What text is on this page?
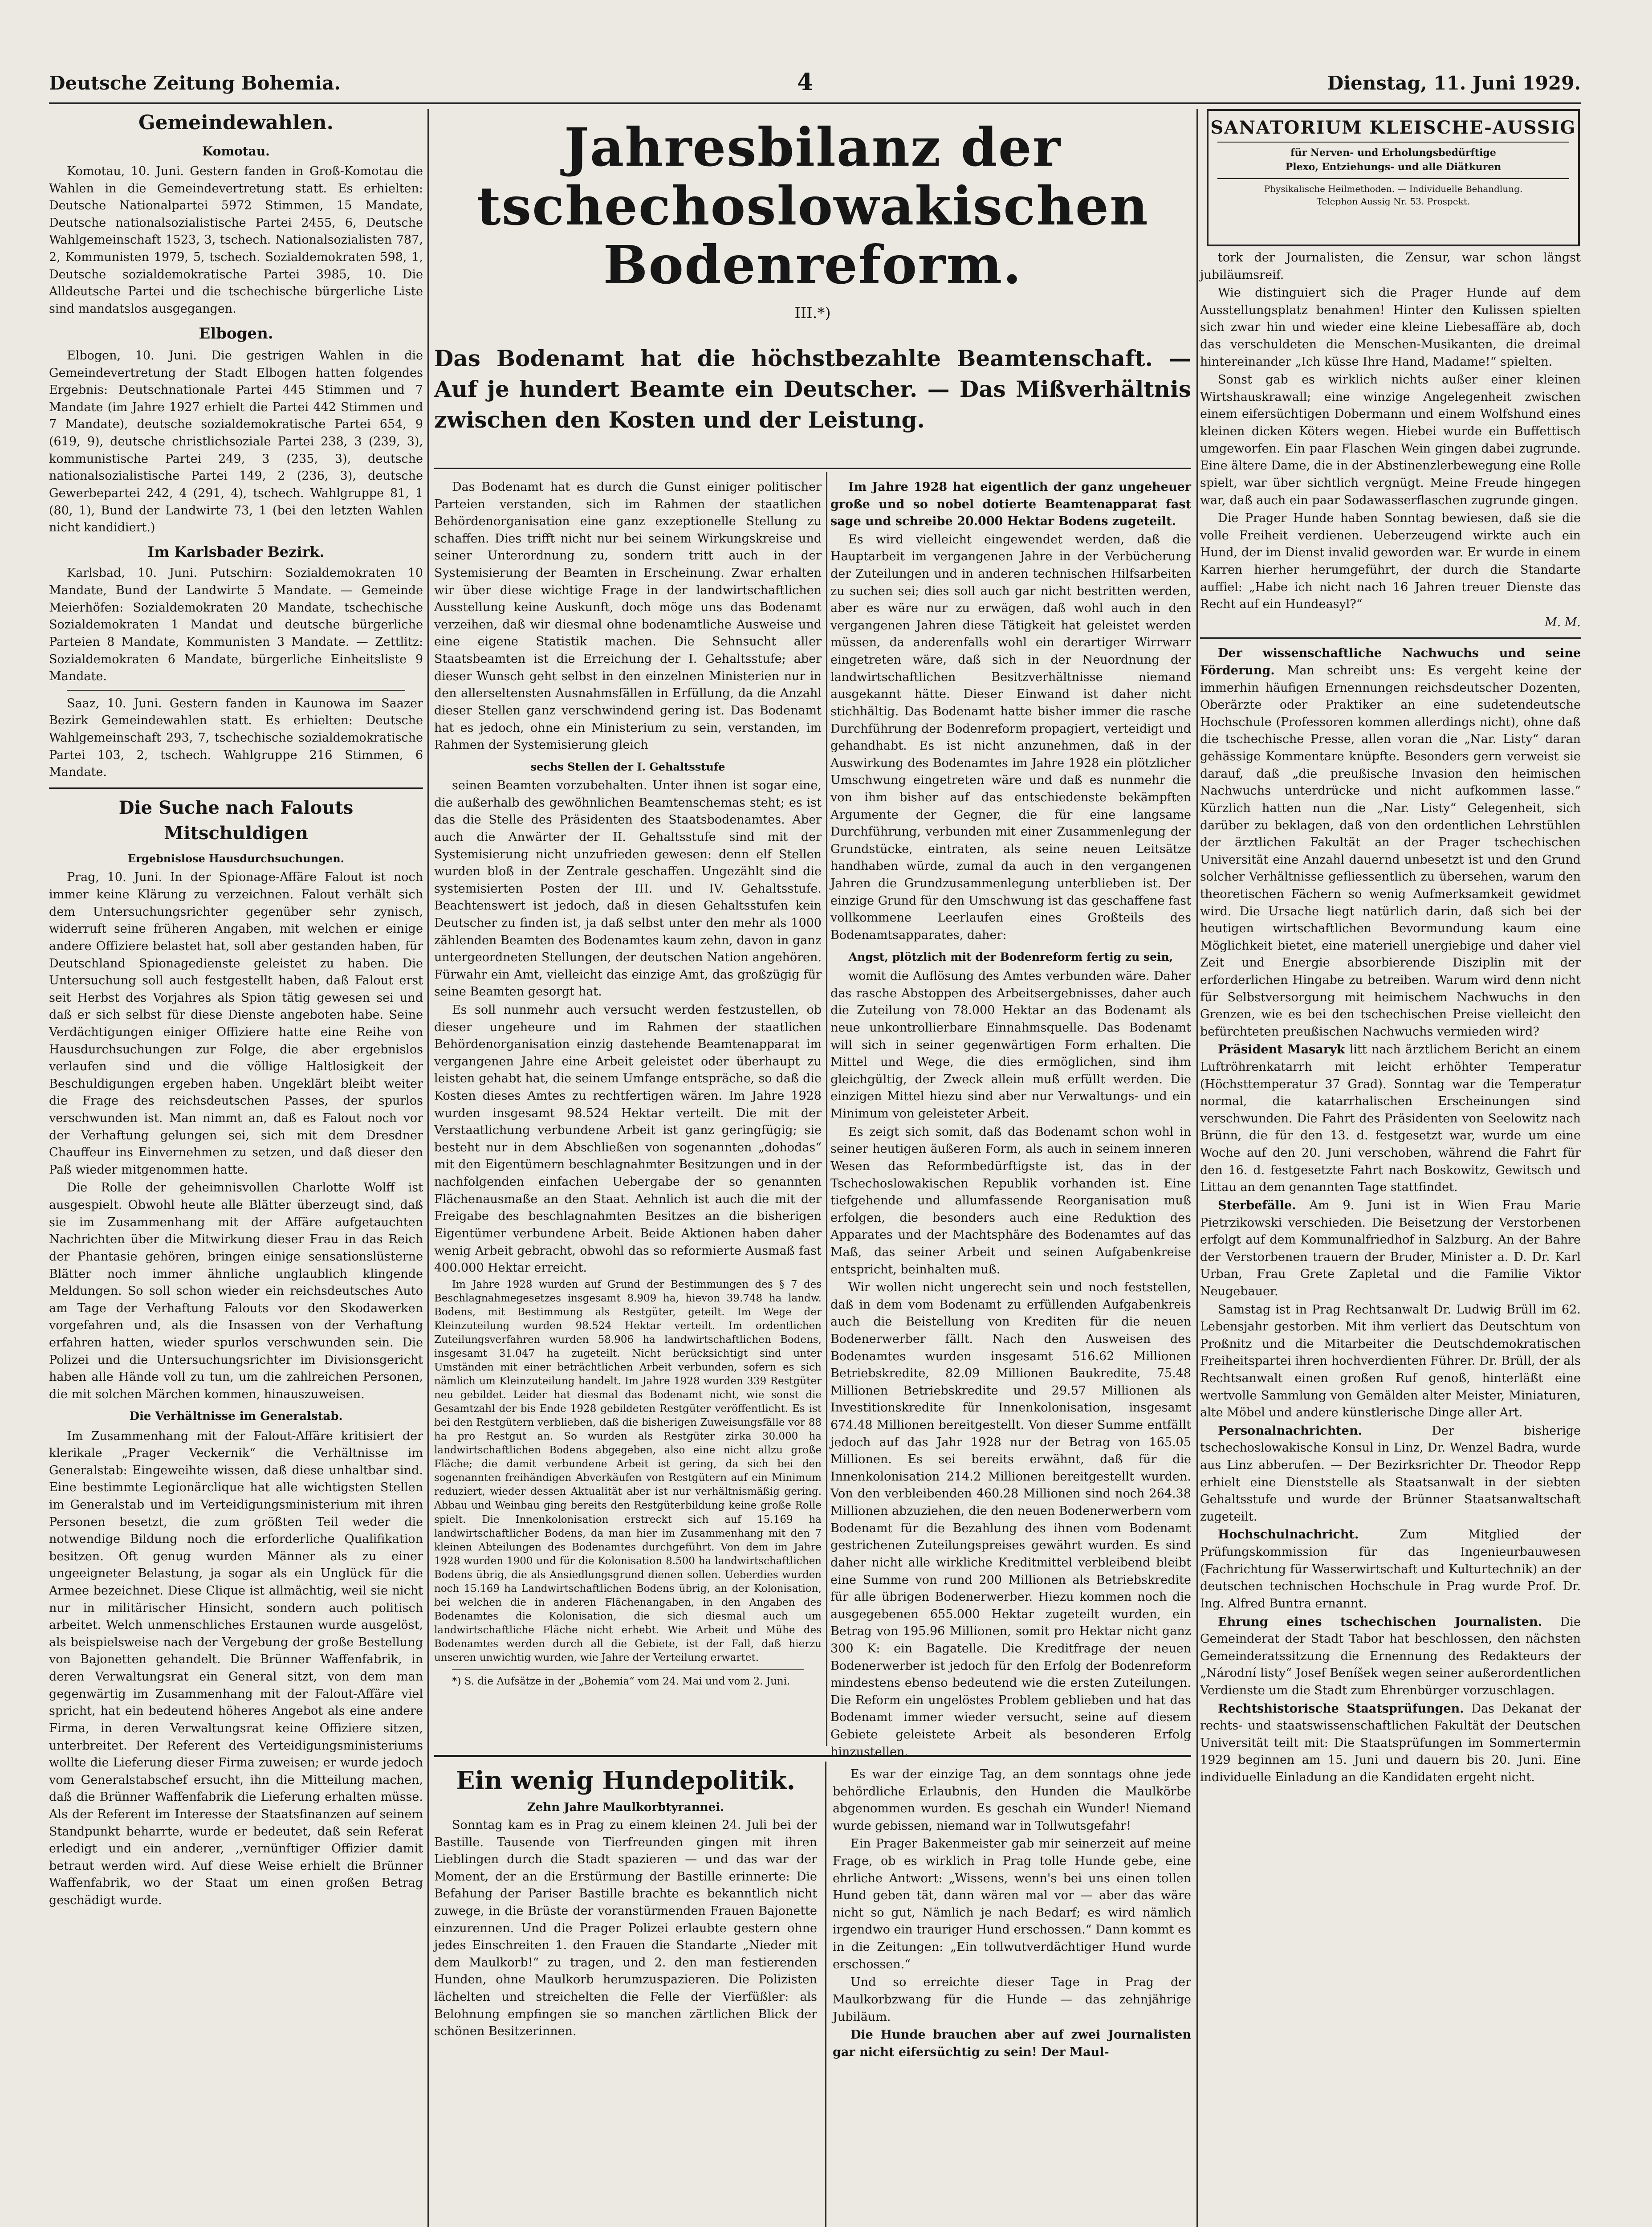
Deutsche Zeitung Bohemia.	4	Dienstag, 11. Juni 1929.
Gemeindewahlen.
Komotau.

Komotau, 10. Juni. Gestern fanden in Groß-Komotau die Wahlen in die Gemeindevertretung statt. Es erhielten: Deutsche Nationalpartei 5972 Stimmen, 15 Mandate, Deutsche nationalsozialistische Partei 2455, 6, Deutsche Wahlgemeinschaft 1523, 3, tschech. Nationalsozialisten 787, 2, Kommunisten 1979, 5, tschech. Sozialdemokraten 598, 1, Deutsche sozialdemokratische Partei 3985, 10. Die Alldeutsche Partei und die tschechische bürgerliche Liste sind mandatslos ausgegangen.

Elbogen.

Elbogen, 10. Juni. Die gestrigen Wahlen in die Gemeindevertretung der Stadt Elbogen hatten folgendes Ergebnis: Deutschnationale Partei 445 Stimmen und 7 Mandate (im Jahre 1927 erhielt die Partei 442 Stimmen und 7 Mandate), deutsche sozialdemokratische Partei 654, 9 (619, 9), deutsche christlichsoziale Partei 238, 3 (239, 3), kommunistische Partei 249, 3 (235, 3), deutsche nationalsozialistische Partei 149, 2 (236, 3), deutsche Gewerbepartei 242, 4 (291, 4), tschech. Wahlgruppe 81, 1 (80, 1), Bund der Landwirte 73, 1 (bei den letzten Wahlen nicht kandidiert.)

Im Karlsbader Bezirk.

Karlsbad, 10. Juni. Putschirn: Sozialdemokraten 10 Mandate, Bund der Landwirte 5 Mandate. — Gemeinde Meierhöfen: Sozialdemokraten 20 Mandate, tschechische Sozialdemokraten 1 Mandat und deutsche bürgerliche Parteien 8 Mandate, Kommunisten 3 Mandate. — Zettlitz: Sozialdemokraten 6 Mandate, bürgerliche Einheitsliste 9 Mandate.

Saaz, 10. Juni. Gestern fanden in Kaunowa im Saazer Bezirk Gemeindewahlen statt. Es erhielten: Deutsche Wahlgemeinschaft 293, 7, tschechische sozialdemokratische Partei 103, 2, tschech. Wahlgruppe 216 Stimmen, 6 Mandate.

Die Suche nach Falouts Mitschuldigen
Ergebnislose Hausdurchsuchungen.

Prag, 10. Juni. In der Spionage-Affäre Falout ist noch immer keine Klärung zu verzeichnen. Falout verhält sich dem Untersuchungsrichter gegenüber sehr zynisch, widerruft seine früheren Angaben, mit welchen er einige andere Offiziere belastet hat, soll aber gestanden haben, für Deutschland Spionagedienste geleistet zu haben. Die Untersuchung soll auch festgestellt haben, daß Falout erst seit Herbst des Vorjahres als Spion tätig gewesen sei und daß er sich selbst für diese Dienste angeboten habe. Seine Verdächtigungen einiger Offiziere hatte eine Reihe von Hausdurchsuchungen zur Folge, die aber ergebnislos verlaufen sind und die völlige Haltlosigkeit der Beschuldigungen ergeben haben. Ungeklärt bleibt weiter die Frage des reichsdeutschen Passes, der spurlos verschwunden ist. Man nimmt an, daß es Falout noch vor der Verhaftung gelungen sei, sich mit dem Dresdner Chauffeur ins Einvernehmen zu setzen, und daß dieser den Paß wieder mitgenommen hatte.

Die Rolle der geheimnisvollen Charlotte Wolff ist ausgespielt. Obwohl heute alle Blätter überzeugt sind, daß sie im Zusammenhang mit der Affäre aufgetauchten Nachrichten über die Mitwirkung dieser Frau in das Reich der Phantasie gehören, bringen einige sensationslüsterne Blätter noch immer ähnliche unglaublich klingende Meldungen. So soll schon wieder ein reichsdeutsches Auto am Tage der Verhaftung Falouts vor den Skodawerken vorgefahren und, als die Insassen von der Verhaftung erfahren hatten, wieder spurlos verschwunden sein. Die Polizei und die Untersuchungsrichter im Divisionsgericht haben alle Hände voll zu tun, um die zahlreichen Personen, die mit solchen Märchen kommen, hinauszuweisen.

Die Verhältnisse im Generalstab.

Im Zusammenhang mit der Falout-Affäre kritisiert der klerikale „Prager Veckernik“ die Verhältnisse im Generalstab: Eingeweihte wissen, daß diese unhaltbar sind. Eine bestimmte Legionärclique hat alle wichtigsten Stellen im Generalstab und im Verteidigungsministerium mit ihren Personen besetzt, die zum größten Teil weder die notwendige Bildung noch die erforderliche Qualifikation besitzen. Oft genug wurden Männer als zu einer ungeeigneter Belastung, ja sogar als ein Unglück für die Armee bezeichnet. Diese Clique ist allmächtig, weil sie nicht nur in militärischer Hinsicht, sondern auch politisch arbeitet. Welch unmenschliches Erstaunen wurde ausgelöst, als beispielsweise nach der Vergebung der große Bestellung von Bajonetten gehandelt. Die Brünner Waffenfabrik, in deren Verwaltungsrat ein General sitzt, von dem man gegenwärtig im Zusammenhang mit der Falout-Affäre viel spricht, hat ein bedeutend höheres Angebot als eine andere Firma, in deren Verwaltungsrat keine Offiziere sitzen, unterbreitet. Der Referent des Verteidigungsministeriums wollte die Lieferung dieser Firma zuweisen; er wurde jedoch vom Generalstabschef ersucht, ihn die Mitteilung machen, daß die Brünner Waffenfabrik die Lieferung erhalten müsse. Als der Referent im Interesse der Staatsfinanzen auf seinem Standpunkt beharrte, wurde er bedeutet, daß sein Referat erledigt und ein anderer, ,,vernünftiger Offizier damit betraut werden wird. Auf diese Weise erhielt die Brünner Waffenfabrik, wo der Staat um einen großen Betrag geschädigt wurde.

Jahresbilanz der tschechoslowakischen Bodenreform.
III.*)
Das Bodenamt hat die höchstbezahlte Beamtenschaft. — Auf je hundert Beamte ein Deutscher. — Das Mißverhältnis zwischen den Kosten und der Leistung.

Das Bodenamt hat es durch die Gunst einiger politischer Parteien verstanden, sich im Rahmen der staatlichen Behördenorganisation eine ganz exzeptionelle Stellung zu schaffen. Dies trifft nicht nur bei seinem Wirkungskreise und seiner Unterordnung zu, sondern tritt auch in der Systemisierung der Beamten in Erscheinung. Zwar erhalten wir über diese wichtige Frage in der landwirtschaftlichen Ausstellung keine Auskunft, doch möge uns das Bodenamt verzeihen, daß wir diesmal ohne bodenamtliche Ausweise und eine eigene Statistik machen. Die Sehnsucht aller Staatsbeamten ist die Erreichung der I. Gehaltsstufe; aber dieser Wunsch geht selbst in den einzelnen Ministerien nur in den allerseltensten Ausnahmsfällen in Erfüllung, da die Anzahl dieser Stellen ganz verschwindend gering ist. Das Bodenamt hat es jedoch, ohne ein Ministerium zu sein, verstanden, im Rahmen der Systemisierung gleich

sechs Stellen der I. Gehaltsstufe

seinen Beamten vorzubehalten. Unter ihnen ist sogar eine, die außerhalb des gewöhnlichen Beamtenschemas steht; es ist das die Stelle des Präsidenten des Staatsbodenamtes. Aber auch die Anwärter der II. Gehaltsstufe sind mit der Systemisierung nicht unzufrieden gewesen: denn elf Stellen wurden bloß in der Zentrale geschaffen. Ungezählt sind die systemisierten Posten der III. und IV. Gehaltsstufe. Beachtenswert ist jedoch, daß in diesen Gehaltsstufen kein Deutscher zu finden ist, ja daß selbst unter den mehr als 1000 zählenden Beamten des Bodenamtes kaum zehn, davon in ganz untergeordneten Stellungen, der deutschen Nation angehören. Fürwahr ein Amt, vielleicht das einzige Amt, das großzügig für seine Beamten gesorgt hat.

Es soll nunmehr auch versucht werden festzustellen, ob dieser ungeheure und im Rahmen der staatlichen Behördenorganisation einzig dastehende Beamtenapparat im vergangenen Jahre eine Arbeit geleistet oder überhaupt zu leisten gehabt hat, die seinem Umfange entspräche, so daß die Kosten dieses Amtes zu rechtfertigen wären. Im Jahre 1928 wurden insgesamt 98.524 Hektar verteilt. Die mit der Verstaatlichung verbundene Arbeit ist ganz geringfügig; sie besteht nur in dem Abschließen von sogenannten „dohodas“ mit den Eigentümern beschlagnahmter Besitzungen und in der nachfolgenden einfachen Uebergabe der so genannten Flächenausmaße an den Staat. Aehnlich ist auch die mit der Freigabe des beschlagnahmten Besitzes an die bisherigen Eigentümer verbundene Arbeit. Beide Aktionen haben daher wenig Arbeit gebracht, obwohl das so reformierte Ausmaß fast 400.000 Hektar erreicht.

Im Jahre 1928 wurden auf Grund der Bestimmungen des § 7 des Beschlagnahmegesetzes insgesamt 8.909 ha, hievon 39.748 ha landw. Bodens, mit Bestimmung als Restgüter, geteilt. Im Wege der Kleinzuteilung wurden 98.524 Hektar verteilt. Im ordentlichen Zuteilungsverfahren wurden 58.906 ha landwirtschaftlichen Bodens, insgesamt 31.047 ha zugeteilt. Nicht berücksichtigt sind unter Umständen mit einer beträchtlichen Arbeit verbunden, sofern es sich nämlich um Kleinzuteilung handelt. Im Jahre 1928 wurden 339 Restgüter neu gebildet. Leider hat diesmal das Bodenamt nicht, wie sonst die Gesamtzahl der bis Ende 1928 gebildeten Restgüter veröffentlicht. Es ist bei den Restgütern verblieben, daß die bisherigen Zuweisungsfälle vor 88 ha pro Restgut an. So wurden als Restgüter zirka 30.000 ha landwirtschaftlichen Bodens abgegeben, also eine nicht allzu große Fläche; die damit verbundene Arbeit ist gering, da sich bei den sogenannten freihändigen Abverkäufen von Restgütern auf ein Minimum reduziert, wieder dessen Aktualität aber ist nur verhältnismäßig gering. Abbau und Weinbau ging bereits den Restgüterbildung keine große Rolle spielt. Die Innenkolonisation erstreckt sich auf 15.169 ha landwirtschaftlicher Bodens, da man hier im Zusammenhang mit den 7 kleinen Abteilungen des Bodenamtes durchgeführt. Von dem im Jahre 1928 wurden 1900 und für die Kolonisation 8.500 ha landwirtschaftlichen Bodens übrig, die als Ansiedlungsgrund dienen sollen. Ueberdies wurden noch 15.169 ha Landwirtschaftlichen Bodens übrig, an der Kolonisation, bei welchen die in anderen Flächenangaben, in den Angaben des Bodenamtes die Kolonisation, die sich diesmal auch um landwirtschaftliche Fläche nicht erhebt. Wie Arbeit und Mühe des Bodenamtes werden durch all die Gebiete, ist der Fall, daß hierzu unseren unwichtig wurden, wie Jahre der Verteilung erwartet.

*) S. die Aufsätze in der „Bohemia“ vom 24. Mai und vom 2. Juni.

Im Jahre 1928 hat eigentlich der ganz ungeheuer große und so nobel dotierte Beamtenapparat fast sage und schreibe 20.000 Hektar Bodens zugeteilt.

Es wird vielleicht eingewendet werden, daß die Hauptarbeit im vergangenen Jahre in der Verbücherung der Zuteilungen und in anderen technischen Hilfsarbeiten zu suchen sei; dies soll auch gar nicht bestritten werden, aber es wäre nur zu erwägen, daß wohl auch in den vergangenen Jahren diese Tätigkeit hat geleistet werden müssen, da anderenfalls wohl ein derartiger Wirrwarr eingetreten wäre, daß sich in der Neuordnung der landwirtschaftlichen Besitzverhältnisse niemand ausgekannt hätte. Dieser Einwand ist daher nicht stichhältig. Das Bodenamt hatte bisher immer die rasche Durchführung der Bodenreform propagiert, verteidigt und gehandhabt. Es ist nicht anzunehmen, daß in der Auswirkung des Bodenamtes im Jahre 1928 ein plötzlicher Umschwung eingetreten wäre und daß es nunmehr die von ihm bisher auf das entschiedenste bekämpften Argumente der Gegner, die für eine langsame Durchführung, verbunden mit einer Zusammenlegung der Grundstücke, eintraten, als seine neuen Leitsätze handhaben würde, zumal da auch in den vergangenen Jahren die Grundzusammenlegung unterblieben ist. Der einzige Grund für den Umschwung ist das geschaffene fast vollkommene Leerlaufen eines Großteils des Bodenamtsapparates, daher:

Angst, plötzlich mit der Bodenreform fertig zu sein,

womit die Auflösung des Amtes verbunden wäre. Daher das rasche Abstoppen des Arbeitsergebnisses, daher auch die Zuteilung von 78.000 Hektar an das Bodenamt als neue unkontrollierbare Einnahmsquelle. Das Bodenamt will sich in seiner gegenwärtigen Form erhalten. Die Mittel und Wege, die dies ermöglichen, sind ihm gleichgültig, der Zweck allein muß erfüllt werden. Die einzigen Mittel hiezu sind aber nur Verwaltungs- und ein Minimum von geleisteter Arbeit.

Es zeigt sich somit, daß das Bodenamt schon wohl in seiner heutigen äußeren Form, als auch in seinem inneren Wesen das Reformbedürftigste ist, das in der Tschechoslowakischen Republik vorhanden ist. Eine tiefgehende und allumfassende Reorganisation muß erfolgen, die besonders auch eine Reduktion des Apparates und der Machtsphäre des Bodenamtes auf das Maß, das seiner Arbeit und seinen Aufgabenkreise entspricht, beinhalten muß.

Wir wollen nicht ungerecht sein und noch feststellen, daß in dem vom Bodenamt zu erfüllenden Aufgabenkreis auch die Beistellung von Krediten für die neuen Bodenerwerber fällt. Nach den Ausweisen des Bodenamtes wurden insgesamt 516.62 Millionen Betriebskredite, 82.09 Millionen Baukredite, 75.48 Millionen Betriebskredite und 29.57 Millionen als Investitionskredite für Innenkolonisation, insgesamt 674.48 Millionen bereitgestellt. Von dieser Summe entfällt jedoch auf das Jahr 1928 nur der Betrag von 165.05 Millionen. Es sei bereits erwähnt, daß für die Innenkolonisation 214.2 Millionen bereitgestellt wurden. Von den verbleibenden 460.28 Millionen sind noch 264.38 Millionen abzuziehen, die den neuen Bodenerwerbern vom Bodenamt für die Bezahlung des ihnen vom Bodenamt gestrichenen Zuteilungspreises gewährt wurden. Es sind daher nicht alle wirkliche Kreditmittel verbleibend bleibt eine Summe von rund 200 Millionen als Betriebskredite für alle übrigen Bodenerwerber. Hiezu kommen noch die ausgegebenen 655.000 Hektar zugeteilt wurden, ein Betrag von 195.96 Millionen, somit pro Hektar nicht ganz 300 K: ein Bagatelle. Die Kreditfrage der neuen Bodenerwerber ist jedoch für den Erfolg der Bodenreform mindestens ebenso bedeutend wie die ersten Zuteilungen. Die Reform ein ungelöstes Problem geblieben und hat das Bodenamt immer wieder versucht, seine auf diesem Gebiete geleistete Arbeit als besonderen Erfolg hinzustellen.

SANATORIUM KLEISCHE-AUSSIG
für Nerven- und Erholungsbedürftige
Plexo, Entziehungs- und alle Diätkuren
Physikalische Heilmethoden. — Individuelle Behandlung.
Telephon Aussig Nr. 53. Prospekt.

tork der Journalisten, die Zensur, war schon längst jubiläumsreif.

Wie distinguiert sich die Prager Hunde auf dem Ausstellungsplatz benahmen! Hinter den Kulissen spielten sich zwar hin und wieder eine kleine Liebesaffäre ab, doch das verschuldeten die Menschen-Musikanten, die dreimal hintereinander „Ich küsse Ihre Hand, Madame!“ spielten.

Sonst gab es wirklich nichts außer einer kleinen Wirtshauskrawall; eine winzige Angelegenheit zwischen einem eifersüchtigen Dobermann und einem Wolfshund eines kleinen dicken Köters wegen. Hiebei wurde ein Buffettisch umgeworfen. Ein paar Flaschen Wein gingen dabei zugrunde. Eine ältere Dame, die in der Abstinenzlerbewegung eine Rolle spielt, war über sichtlich vergnügt. Meine Freude hingegen war, daß auch ein paar Sodawasserflaschen zugrunde gingen.

Die Prager Hunde haben Sonntag bewiesen, daß sie die volle Freiheit verdienen. Ueberzeugend wirkte auch ein Hund, der im Dienst invalid geworden war. Er wurde in einem Karren hierher herumgeführt, der durch die Standarte auffiel: „Habe ich nicht nach 16 Jahren treuer Dienste das Recht auf ein Hundeasyl?“

M. M.

Der wissenschaftliche Nachwuchs und seine Förderung. Man schreibt uns: Es vergeht keine der immerhin häufigen Ernennungen reichsdeutscher Dozenten, Oberärzte oder Praktiker an eine sudetendeutsche Hochschule (Professoren kommen allerdings nicht), ohne daß die tschechische Presse, allen voran die „Nar. Listy“ daran gehässige Kommentare knüpfte. Besonders gern verweist sie darauf, daß „die preußische Invasion den heimischen Nachwuchs unterdrücke und nicht aufkommen lasse.“ Kürzlich hatten nun die „Nar. Listy“ Gelegenheit, sich darüber zu beklagen, daß von den ordentlichen Lehrstühlen der ärztlichen Fakultät an der Prager tschechischen Universität eine Anzahl dauernd unbesetzt ist und den Grund solcher Verhältnisse gefliessentlich zu übersehen, warum den theoretischen Fächern so wenig Aufmerksamkeit gewidmet wird. Die Ursache liegt natürlich darin, daß sich bei der heutigen wirtschaftlichen Bevormundung kaum eine Möglichkeit bietet, eine materiell unergiebige und daher viel Zeit und Energie absorbierende Disziplin mit der erforderlichen Hingabe zu betreiben. Warum wird denn nicht für Selbstversorgung mit heimischem Nachwuchs in den Grenzen, wie es bei den tschechischen Preise vielleicht den befürchteten preußischen Nachwuchs vermieden wird?

Präsident Masaryk litt nach ärztlichem Bericht an einem Luftröhrenkatarrh mit leicht erhöhter Temperatur (Höchsttemperatur 37 Grad). Sonntag war die Temperatur normal, die katarrhalischen Erscheinungen sind verschwunden. Die Fahrt des Präsidenten von Seelowitz nach Brünn, die für den 13. d. festgesetzt war, wurde um eine Woche auf den 20. Juni verschoben, während die Fahrt für den 16. d. festgesetzte Fahrt nach Boskowitz, Gewitsch und Littau an dem genannten Tage stattfindet.

Sterbefälle. Am 9. Juni ist in Wien Frau Marie Pietrzikowski verschieden. Die Beisetzung der Verstorbenen erfolgt auf dem Kommunalfriedhof in Salzburg. An der Bahre der Verstorbenen trauern der Bruder, Minister a. D. Dr. Karl Urban, Frau Grete Zapletal und die Familie Viktor Neugebauer.

Samstag ist in Prag Rechtsanwalt Dr. Ludwig Brüll im 62. Lebensjahr gestorben. Mit ihm verliert das Deutschtum von Proßnitz und die Mitarbeiter die Deutschdemokratischen Freiheitspartei ihren hochverdienten Führer. Dr. Brüll, der als Rechtsanwalt einen großen Ruf genoß, hinterläßt eine wertvolle Sammlung von Gemälden alter Meister, Miniaturen, alte Möbel und andere künstlerische Dinge aller Art.

Personalnachrichten.	Der bisherige tschechoslowakische Konsul in Linz, Dr. Wenzel Badra, wurde aus Linz abberufen. — Der Bezirksrichter Dr. Theodor Repp erhielt eine Dienststelle als Staatsanwalt in der siebten Gehaltsstufe und wurde der Brünner Staatsanwaltschaft zugeteilt.

Hochschulnachricht.	Zum Mitglied der Prüfungskommission für das Ingenieurbauwesen (Fachrichtung für Wasserwirtschaft und Kulturtechnik) an der deutschen technischen Hochschule in Prag wurde Prof. Dr. Ing. Alfred Buntra ernannt.

Ehrung eines tschechischen Journalisten. Die Gemeinderat der Stadt Tabor hat beschlossen, den nächsten Gemeinderatssitzung die Ernennung des Redakteurs der „Národní listy“ Josef Beníšek wegen seiner außerordentlichen Verdienste um die Stadt zum Ehrenbürger vorzuschlagen.

Rechtshistorische Staatsprüfungen. Das Dekanat der rechts- und staatswissenschaftlichen Fakultät der Deutschen Universität teilt mit: Die Staatsprüfungen im Sommertermin 1929 beginnen am 15. Juni und dauern bis 20. Juni. Eine individuelle Einladung an die Kandidaten ergeht nicht.

Ein wenig Hundepolitik.
Zehn Jahre Maulkorbtyrannei.

Sonntag kam es in Prag zu einem kleinen 24. Juli bei der Bastille. Tausende von Tierfreunden gingen mit ihren Lieblingen durch die Stadt spazieren — und das war der Moment, der an die Erstürmung der Bastille erinnerte: Die Befahung der Pariser Bastille brachte es bekanntlich nicht zuwege, in die Brüste der voranstürmenden Frauen Bajonette einzurennen. Und die Prager Polizei erlaubte gestern ohne jedes Einschreiten 1. den Frauen die Standarte „Nieder mit dem Maulkorb!“ zu tragen, und 2. den man festierenden Hunden, ohne Maulkorb herumzuspazieren. Die Polizisten lächelten und streichelten die Felle der Vierfüßler: als Belohnung empfingen sie so manchen zärtlichen Blick der schönen Besitzerinnen.

Es war der einzige Tag, an dem sonntags ohne jede behördliche Erlaubnis, den Hunden die Maulkörbe abgenommen wurden. Es geschah ein Wunder! Niemand wurde gebissen, niemand war in Tollwutsgefahr!

Ein Prager Bakenmeister gab mir seinerzeit auf meine Frage, ob es wirklich in Prag tolle Hunde gebe, eine ehrliche Antwort: „Wissens, wenn's bei uns einen tollen Hund geben tät, dann wären mal vor — aber das wäre nicht so gut, Nämlich je nach Bedarf; es wird nämlich irgendwo ein trauriger Hund erschossen.“ Dann kommt es in die Zeitungen: „Ein tollwutverdächtiger Hund wurde erschossen.“

Und so erreichte dieser Tage in Prag der Maulkorbzwang für die Hunde — das zehnjährige Jubiläum.

Die Hunde brauchen aber auf zwei Journalisten gar nicht eifersüchtig zu sein! Der Maul-
